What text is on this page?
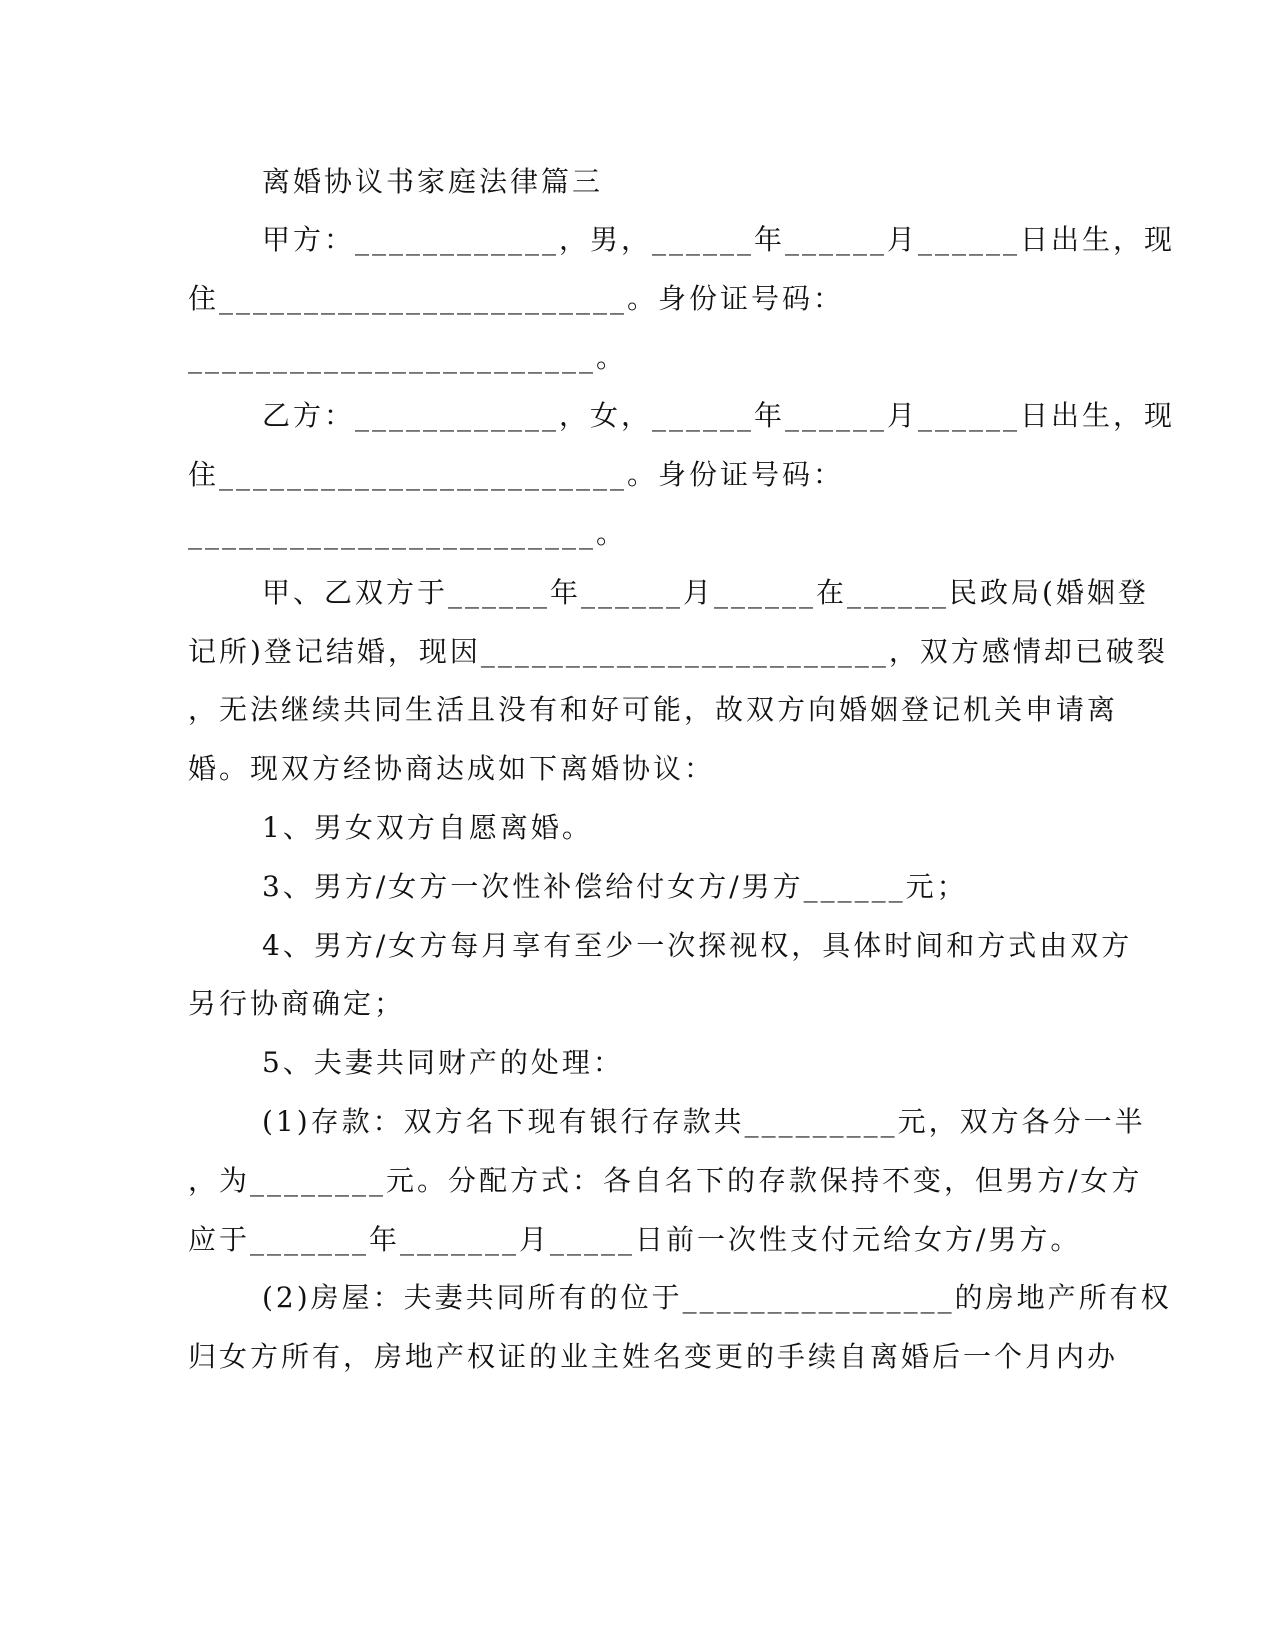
离婚协议书家庭法律篇三
甲方：____________，男，______年______月______日出生，现
住________________________。身份证号码：
________________________。
乙方：____________，女，______年______月______日出生，现
住________________________。身份证号码：
________________________。
甲、乙双方于______年______月______在______民政局(婚姻登
记所)登记结婚，现因________________________，双方感情却已破裂
，无法继续共同生活且没有和好可能，故双方向婚姻登记机关申请离
婚。现双方经协商达成如下离婚协议：
1、男女双方自愿离婚。
3、男方/女方一次性补偿给付女方/男方______元；
4、男方/女方每月享有至少一次探视权，具体时间和方式由双方
另行协商确定；
5、夫妻共同财产的处理：
(1)存款：双方名下现有银行存款共_________元，双方各分一半
，为________元。分配方式：各自名下的存款保持不变，但男方/女方
应于_______年_______月_____日前一次性支付元给女方/男方。
(2)房屋：夫妻共同所有的位于________________的房地产所有权
归女方所有，房地产权证的业主姓名变更的手续自离婚后一个月内办
